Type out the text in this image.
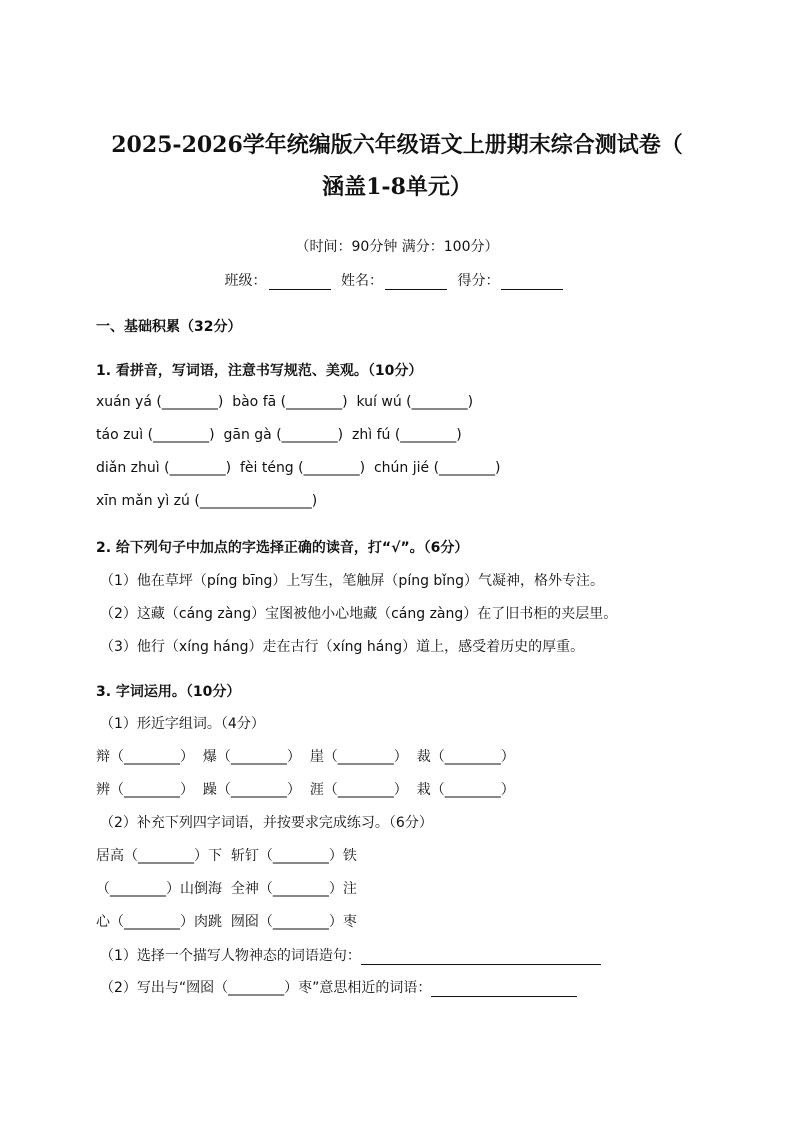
2025-2026学年统编版六年级语文上册期末综合测试卷（
涵盖1-8单元）
（时间：90分钟 满分：100分）
班级：	姓名：	得分：
一、基础积累（32分）
1. 看拼音，写词语，注意书写规范、美观。（10分）
xuán yá (________) bào fā (________) kuí wú (________)
táo zuì (________) gān gà (________) zhì fú (________)
diǎn zhuì (________) fèi téng (________) chún jié (________)
xīn mǎn yì zú (________________)
2. 给下列句子中加点的字选择正确的读音，打“√”。（6分）
（1）他在草坪（píng bīng）上写生，笔触屏（píng bǐng）气凝神，格外专注。
（2）这藏（cáng zàng）宝图被他小心地藏（cáng zàng）在了旧书柜的夹层里。
（3）他行（xíng háng）走在古行（xíng háng）道上，感受着历史的厚重。
3. 字词运用。（10分）
（1）形近字组词。（4分）
辩（________） 爆（________） 崖（________） 裁（________）
辨（________） 躁（________） 涯（________） 栽（________）
（2）补充下列四字词语，并按要求完成练习。（6分）
居高（________）下 斩钉（________）铁
（________）山倒海 全神（________）注
心（________）肉跳 囫囵（________）枣
（1）选择一个描写人物神态的词语造句：
（2）写出与“囫囵（________）枣”意思相近的词语：
